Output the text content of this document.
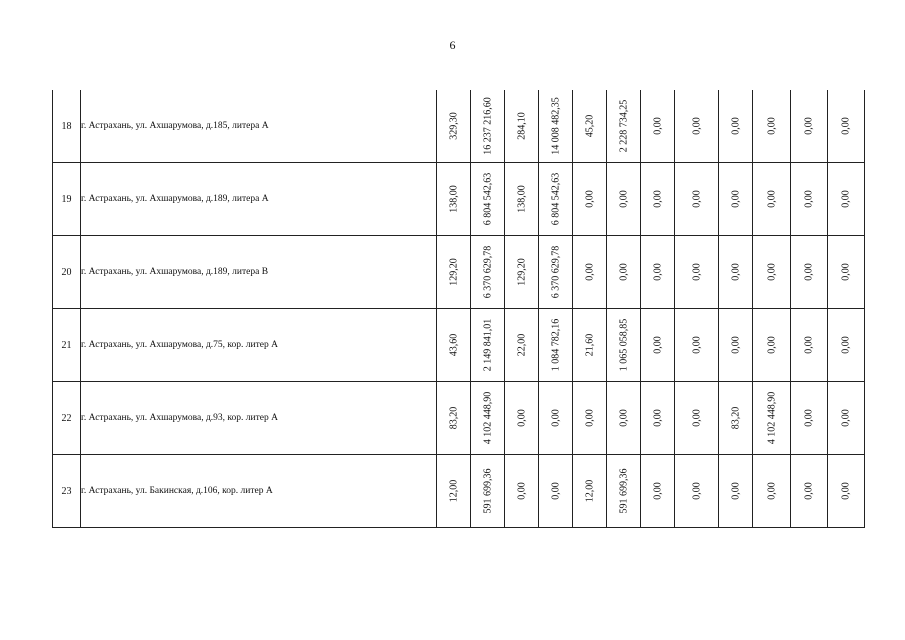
6
18	г. Астрахань, ул. Ахшарумова, д.185, литера А	329,30	16 237 216,60	284,10	14 008 482,35	45,20	2 228 734,25	0,00	0,00	0,00	0,00	0,00	0,00

19	г. Астрахань, ул. Ахшарумова, д.189, литера А	138,00	6 804 542,63	138,00	6 804 542,63	0,00	0,00	0,00	0,00	0,00	0,00	0,00	0,00

20	г. Астрахань, ул. Ахшарумова, д.189, литера В	129,20	6 370 629,78	129,20	6 370 629,78	0,00	0,00	0,00	0,00	0,00	0,00	0,00	0,00

21	г. Астрахань, ул. Ахшарумова, д.75, кор. литер А	43,60	2 149 841,01	22,00	1 084 782,16	21,60	1 065 058,85	0,00	0,00	0,00	0,00	0,00	0,00

22	г. Астрахань, ул. Ахшарумова, д.93, кор. литер А	83,20	4 102 448,90	0,00	0,00	0,00	0,00	0,00	0,00	83,20	4 102 448,90	0,00	0,00

23	г. Астрахань, ул. Бакинская, д.106, кор. литер А	12,00	591 699,36	0,00	0,00	12,00	591 699,36	0,00	0,00	0,00	0,00	0,00	0,00
